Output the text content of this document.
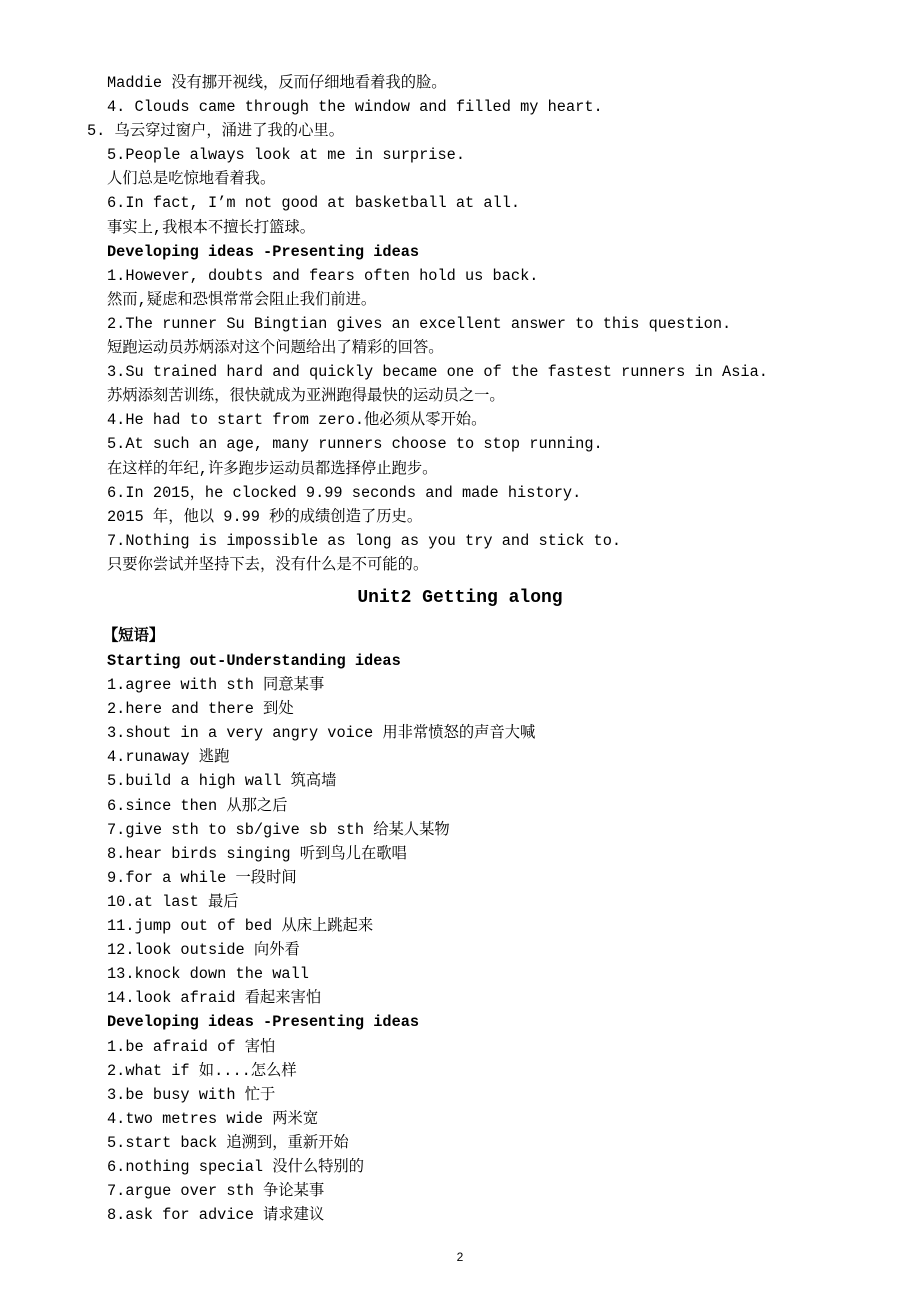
Maddie 没有挪开视线，反而仔细地看着我的脸。
4. Clouds came through the window and filled my heart.
5. 乌云穿过窗户，涌进了我的心里。
5.People always look at me in surprise.
人们总是吃惊地看着我。
6.In fact, I’m not good at basketball at all.
事实上,我根本不擅长打篮球。
Developing ideas -Presenting ideas
1.However, doubts and fears often hold us back.
然而,疑虑和恐惧常常会阻止我们前进。
2.The runner Su Bingtian gives an excellent answer to this question.
短跑运动员苏炳添对这个问题给出了精彩的回答。
3.Su trained hard and quickly became one of the fastest runners in Asia.
苏炳添刻苦训练，很快就成为亚洲跑得最快的运动员之一。
4.He had to start from zero.他必须从零开始。
5.At such an age, many runners choose to stop running.
在这样的年纪,许多跑步运动员都选择停止跑步。
6.In 2015，he clocked 9.99 seconds and made history.
2015 年，他以 9.99 秒的成绩创造了历史。
7.Nothing is impossible as long as you try and stick to.
只要你尝试并坚持下去，没有什么是不可能的。
Unit2 Getting along
【短语】
Starting out-Understanding ideas
1.agree with sth 同意某事
2.here and there 到处
3.shout in a very angry voice 用非常愤怒的声音大喊
4.runaway 逃跑
5.build a high wall 筑高墙
6.since then 从那之后
7.give sth to sb/give sb sth 给某人某物
8.hear birds singing 听到鸟儿在歌唱
9.for a while 一段时间
10.at last 最后
11.jump out of bed 从床上跳起来
12.look outside 向外看
13.knock down the wall
14.look afraid 看起来害怕
Developing ideas -Presenting ideas
1.be afraid of 害怕
2.what if 如....怎么样
3.be busy with 忙于
4.two metres wide 两米宽
5.start back 追溯到，重新开始
6.nothing special 没什么特别的
7.argue over sth 争论某事
8.ask for advice 请求建议
2
